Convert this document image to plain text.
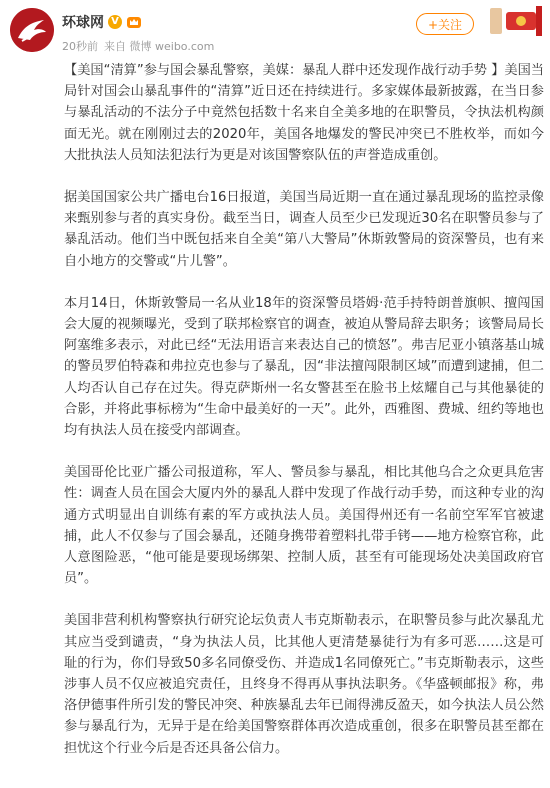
环球网 V
20秒前 来自 微博 weibo.com
+关注

【美国“清算”参与国会暴乱警察，美媒：暴乱人群中还发现作战行动手势 】美国当局针对国会山暴乱事件的“清算”近日还在持续进行。多家媒体最新披露，在当日参与暴乱活动的不法分子中竟然包括数十名来自全美多地的在职警员，令执法机构颜面无光。就在刚刚过去的2020年，美国各地爆发的警民冲突已不胜枚举，而如今大批执法人员知法犯法行为更是对该国警察队伍的声誉造成重创。

据美国国家公共广播电台16日报道，美国当局近期一直在通过暴乱现场的监控录像来甄别参与者的真实身份。截至当日，调查人员至少已发现近30名在职警员参与了暴乱活动。他们当中既包括来自全美“第八大警局”休斯敦警局的资深警员，也有来自小地方的交警或“片儿警”。

本月14日，休斯敦警局一名从业18年的资深警员塔姆·范手持特朗普旗帜、擅闯国会大厦的视频曝光，受到了联邦检察官的调查，被迫从警局辞去职务；该警局局长阿塞维多表示，对此已经“无法用语言来表达自己的愤怒”。弗吉尼亚小镇落基山城的警员罗伯特森和弗拉克也参与了暴乱，因“非法擅闯限制区域”而遭到逮捕，但二人均否认自己存在过失。得克萨斯州一名女警甚至在脸书上炫耀自己与其他暴徒的合影，并将此事标榜为“生命中最美好的一天”。此外，西雅图、费城、纽约等地也均有执法人员在接受内部调查。

美国哥伦比亚广播公司报道称，军人、警员参与暴乱，相比其他乌合之众更具危害性：调查人员在国会大厦内外的暴乱人群中发现了作战行动手势，而这种专业的沟通方式明显出自训练有素的军方或执法人员。美国得州还有一名前空军军官被逮捕，此人不仅参与了国会暴乱，还随身携带着塑料扎带手铐——地方检察官称，此人意图险恶，“他可能是要现场绑架、控制人质，甚至有可能现场处决美国政府官员”。

美国非营利机构警察执行研究论坛负责人韦克斯勒表示，在职警员参与此次暴乱尤其应当受到谴责，“身为执法人员，比其他人更清楚暴徒行为有多可恶……这是可耻的行为，你们导致50多名同僚受伤、并造成1名同僚死亡。”韦克斯勒表示，这些涉事人员不仅应被追究责任，且终身不得再从事执法职务。《华盛顿邮报》称，弗洛伊德事件所引发的警民冲突、种族暴乱去年已闹得沸反盈天，如今执法人员公然参与暴乱行为，无异于是在给美国警察群体再次造成重创，很多在职警员甚至都在担忧这个行业今后是否还具备公信力。
